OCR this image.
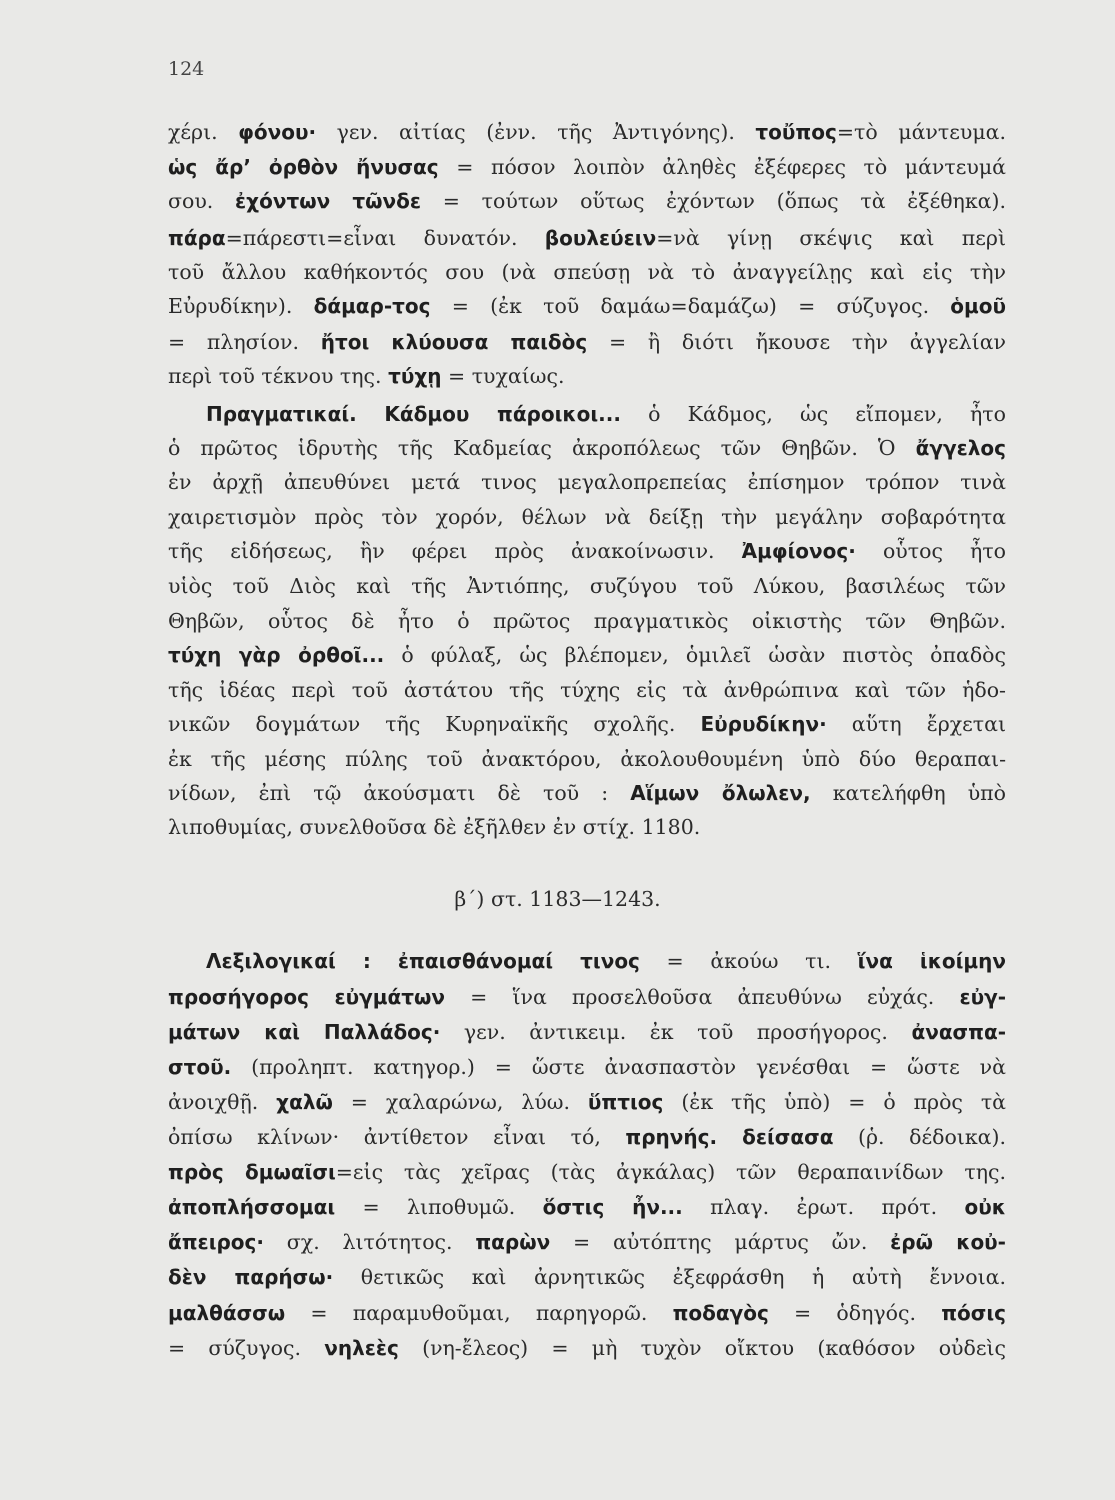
124
χέρι. φόνου· γεν. αἰτίας (ἐνν. τῆς Ἀντιγόνης). τοὔπος=τὸ μάντευμα.
ὡς ἄρ’ ὀρθὸν ἤνυσας = πόσον λοιπὸν ἀληθὲς ἐξέφερες τὸ μάντευμά
σου. ἐχόντων τῶνδε = τούτων οὕτως ἐχόντων (ὅπως τὰ ἐξέθηκα).
πάρα=πάρεστι=εἶναι δυνατόν. βουλεύειν=νὰ γίνῃ σκέψις καὶ περὶ
τοῦ ἄλλου καθήκοντός σου (νὰ σπεύσῃ νὰ τὸ ἀναγγείλῃς καὶ εἰς τὴν
Εὐρυδίκην). δάμαρ-τος = (ἐκ τοῦ δαμάω=δαμάζω) = σύζυγος. ὁμοῦ
= πλησίον. ἤτοι κλύουσα παιδὸς = ἢ διότι ἤκουσε τὴν ἀγγελίαν
περὶ τοῦ τέκνου της. τύχῃ = τυχαίως.
Πραγματικαί. Κάδμου πάροικοι... ὁ Κάδμος, ὡς εἴπομεν, ἦτο
ὁ πρῶτος ἱδρυτὴς τῆς Καδμείας ἀκροπόλεως τῶν Θηβῶν. Ὁ ἄγγελος
ἐν ἀρχῇ ἀπευθύνει μετά τινος μεγαλοπρεπείας ἐπίσημον τρόπον τινὰ
χαιρετισμὸν πρὸς τὸν χορόν, θέλων νὰ δείξῃ τὴν μεγάλην σοβαρότητα
τῆς εἰδήσεως, ἣν φέρει πρὸς ἀνακοίνωσιν. Ἀμφίονος· οὗτος ἦτο
υἱὸς τοῦ Διὸς καὶ τῆς Ἀντιόπης, συζύγου τοῦ Λύκου, βασιλέως τῶν
Θηβῶν, οὗτος δὲ ἦτο ὁ πρῶτος πραγματικὸς οἰκιστὴς τῶν Θηβῶν.
τύχη γὰρ ὀρθοῖ... ὁ φύλαξ, ὡς βλέπομεν, ὁμιλεῖ ὡσὰν πιστὸς ὀπαδὸς
τῆς ἰδέας περὶ τοῦ ἀστάτου τῆς τύχης εἰς τὰ ἀνθρώπινα καὶ τῶν ἡδο-
νικῶν δογμάτων τῆς Κυρηναϊκῆς σχολῆς. Εὐρυδίκην· αὕτη ἔρχεται
ἐκ τῆς μέσης πύλης τοῦ ἀνακτόρου, ἀκολουθουμένη ὑπὸ δύο θεραπαι-
νίδων, ἐπὶ τῷ ἀκούσματι δὲ τοῦ : Αἵμων ὄλωλεν, κατελήφθη ὑπὸ
λιποθυμίας, συνελθοῦσα δὲ ἐξῆλθεν ἐν στίχ. 1180.
Λεξιλογικαί : ἐπαισθάνομαί τινος = ἀκούω τι. ἵνα ἱκοίμην
προσήγορος εὐγμάτων = ἵνα προσελθοῦσα ἀπευθύνω εὐχάς. εὐγ-
μάτων καὶ Παλλάδος· γεν. ἀντικειμ. ἐκ τοῦ προσήγορος. ἀνασπα-
στοῦ. (προληπτ. κατηγορ.) = ὥστε ἀνασπαστὸν γενέσθαι = ὥστε νὰ
ἀνοιχθῇ. χαλῶ = χαλαρώνω, λύω. ὕπτιος (ἐκ τῆς ὑπὸ) = ὁ πρὸς τὰ
ὀπίσω κλίνων· ἀντίθετον εἶναι τό, πρηνής. δείσασα (ῥ. δέδοικα).
πρὸς δμωαῖσι=εἰς τὰς χεῖρας (τὰς ἀγκάλας) τῶν θεραπαινίδων της.
ἀποπλήσσομαι = λιποθυμῶ. ὅστις ἦν... πλαγ. ἐρωτ. πρότ. οὐκ
ἄπειρος· σχ. λιτότητος. παρὼν = αὐτόπτης μάρτυς ὤν. ἐρῶ κοὐ-
δὲν παρήσω· θετικῶς καὶ ἀρνητικῶς ἐξεφράσθη ἡ αὐτὴ ἔννοια.
μαλθάσσω = παραμυθοῦμαι, παρηγορῶ. ποδαγὸς = ὁδηγός. πόσις
= σύζυγος. νηλεὲς (νη-ἔλεος) = μὴ τυχὸν οἴκτου (καθόσον οὐδεὶς
β΄) στ. 1183—1243.
